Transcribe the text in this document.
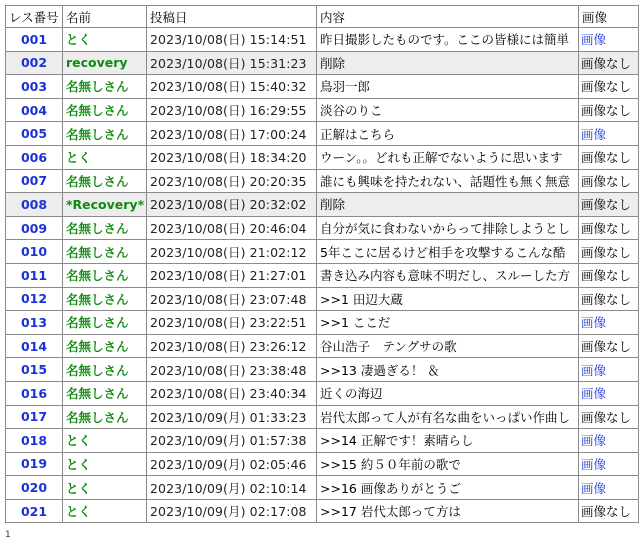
レス番号	名前	投稿日	内容	画像
001	とく	2023/10/08(日) 15:14:51	昨日撮影したものです。ここの皆様には簡単	画像
002	recovery	2023/10/08(日) 15:31:23	削除	画像なし
003	名無しさん	2023/10/08(日) 15:40:32	鳥羽一郎	画像なし
004	名無しさん	2023/10/08(日) 16:29:55	淡谷のりこ	画像なし
005	名無しさん	2023/10/08(日) 17:00:24	正解はこちら	画像
006	とく	2023/10/08(日) 18:34:20	ウーン。。どれも正解でないように思います	画像なし
007	名無しさん	2023/10/08(日) 20:20:35	誰にも興味を持たれない、話題性も無く無意	画像なし
008	*Recovery*	2023/10/08(日) 20:32:02	削除	画像なし
009	名無しさん	2023/10/08(日) 20:46:04	自分が気に食わないからって排除しようとし	画像なし
010	名無しさん	2023/10/08(日) 21:02:12	5年ここに居るけど相手を攻撃するこんな酷	画像なし
011	名無しさん	2023/10/08(日) 21:27:01	書き込み内容も意味不明だし、スルーした方	画像なし
012	名無しさん	2023/10/08(日) 23:07:48	>>1 田辺大蔵	画像なし
013	名無しさん	2023/10/08(日) 23:22:51	>>1 ここだ	画像
014	名無しさん	2023/10/08(日) 23:26:12	谷山浩子　テングサの歌	画像なし
015	名無しさん	2023/10/08(日) 23:38:48	>>13 凄過ぎる！ ＆	画像
016	名無しさん	2023/10/08(日) 23:40:34	近くの海辺	画像
017	名無しさん	2023/10/09(月) 01:33:23	岩代太郎って人が有名な曲をいっぱい作曲し	画像なし
018	とく	2023/10/09(月) 01:57:38	>>14 正解です！素晴らし	画像
019	とく	2023/10/09(月) 02:05:46	>>15 約５０年前の歌で	画像
020	とく	2023/10/09(月) 02:10:14	>>16 画像ありがとうご	画像
021	とく	2023/10/09(月) 02:17:08	>>17 岩代太郎って方は	画像なし
1
